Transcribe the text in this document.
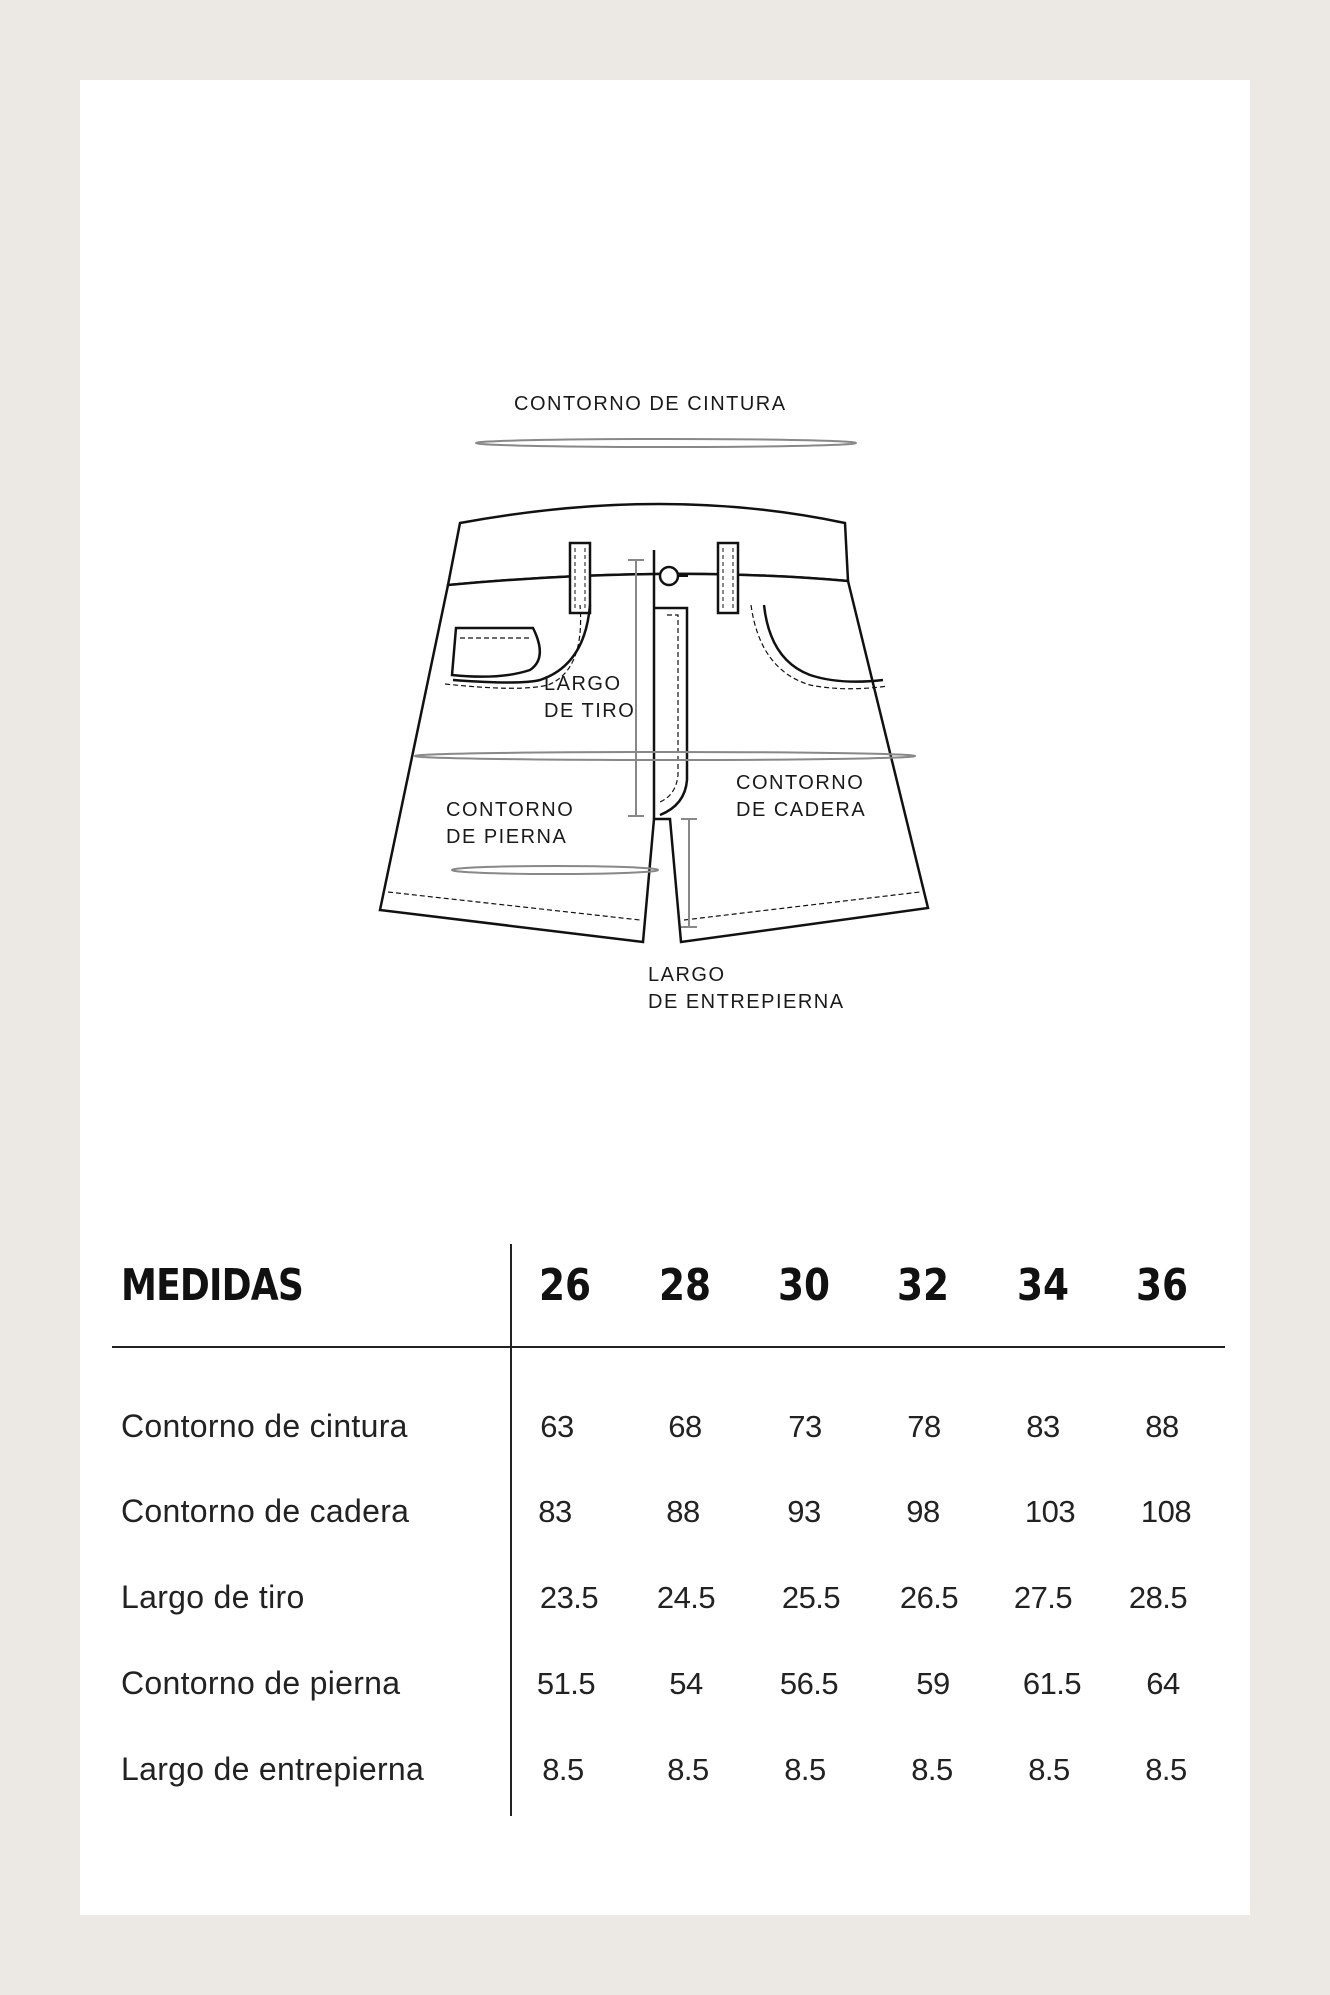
CONTORNO DE CINTURA
LARGO
DE TIRO
CONTORNO
DE CADERA
CONTORNO
DE PIERNA
LARGO
DE ENTREPIERNA
MEDIDAS	26	28	30	32	34	36
Contorno de cintura	63	68	73	78	83	88
Contorno de cadera	83	88	93	98	103	108
Largo de tiro	23.5	24.5	25.5	26.5	27.5	28.5
Contorno de pierna	51.5	54	56.5	59	61.5	64
Largo de entrepierna	8.5	8.5	8.5	8.5	8.5	8.5
